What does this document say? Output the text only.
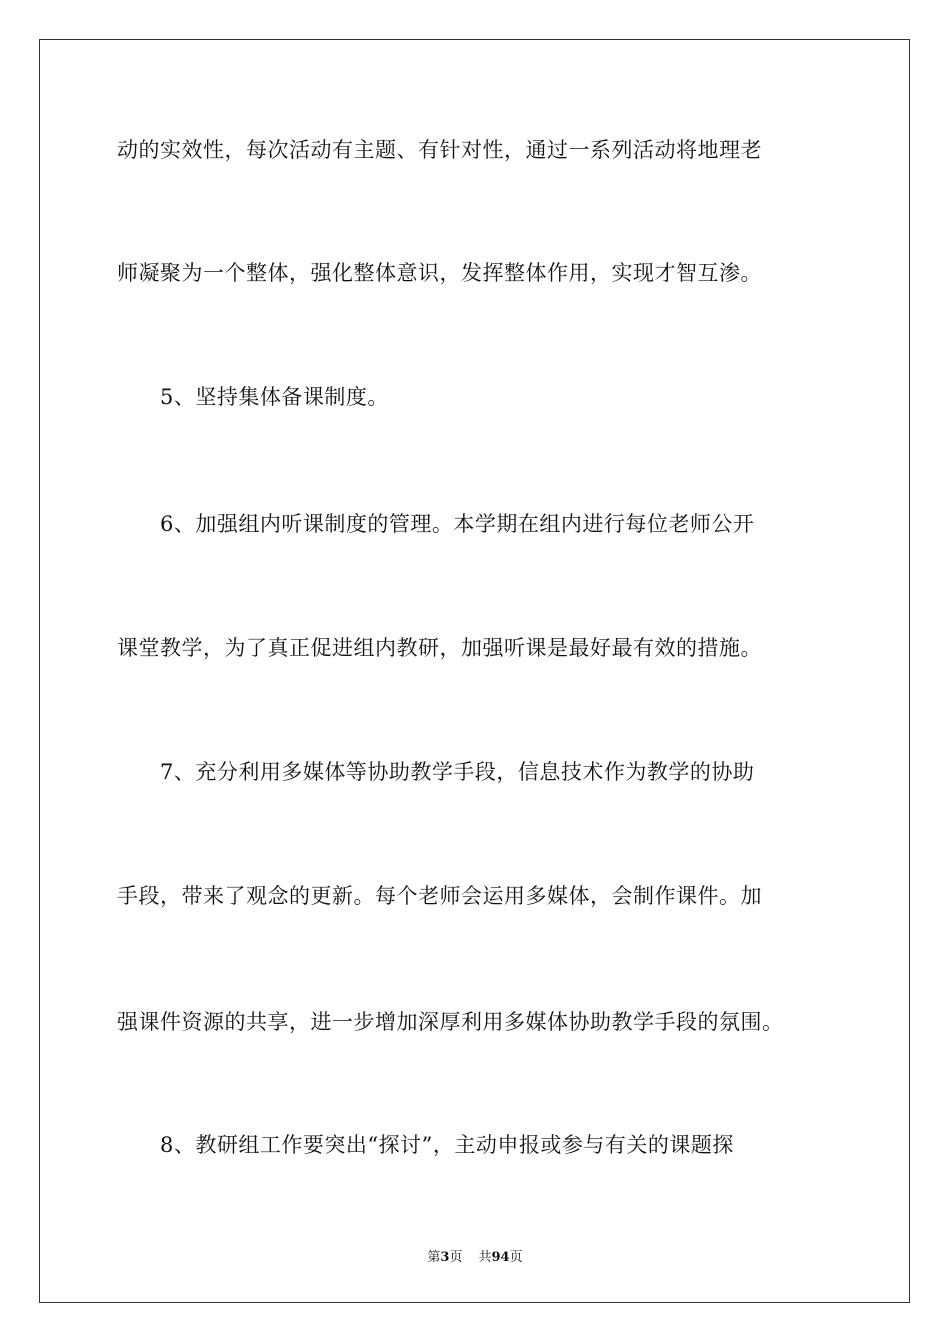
动的实效性，每次活动有主题、有针对性，通过一系列活动将地理老
师凝聚为一个整体，强化整体意识，发挥整体作用，实现才智互渗。
　　5、坚持集体备课制度。
　　6、加强组内听课制度的管理。本学期在组内进行每位老师公开
课堂教学，为了真正促进组内教研，加强听课是最好最有效的措施。
　　7、充分利用多媒体等协助教学手段，信息技术作为教学的协助
手段，带来了观念的更新。每个老师会运用多媒体，会制作课件。加
强课件资源的共享，进一步增加深厚利用多媒体协助教学手段的氛围。
　　8、教研组工作要突出“探讨”，主动申报或参与有关的课题探
第3页 共94页
